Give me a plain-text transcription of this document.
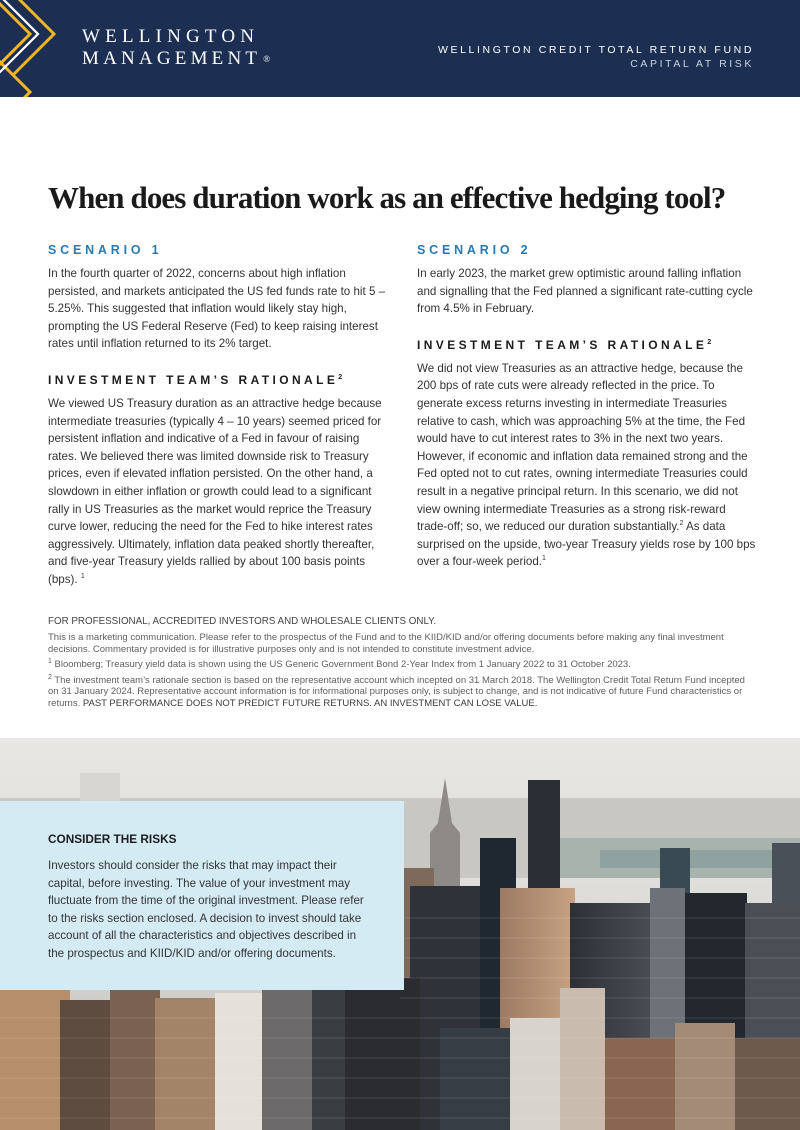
WELLINGTON
MANAGEMENT ®
WELLINGTON CREDIT TOTAL RETURN FUND
CAPITAL AT RISK
When does duration work as an effective hedging tool?
SCENARIO 1

In the fourth quarter of 2022, concerns about high inflation persisted, and markets anticipated the US fed funds rate to hit 5 – 5.25%. This suggested that inflation would likely stay high, prompting the US Federal Reserve (Fed) to keep raising interest rates until inflation returned to its 2% target.

INVESTMENT TEAM’S RATIONALE$^2$

We viewed US Treasury duration as an attractive hedge because intermediate treasuries (typically 4 – 10 years) seemed priced for persistent inflation and indicative of a Fed in favour of raising rates. We believed there was limited downside risk to Treasury prices, even if elevated inflation persisted. On the other hand, a slowdown in either inflation or growth could lead to a significant rally in US Treasuries as the market would reprice the Treasury curve lower, reducing the need for the Fed to hike interest rates aggressively. Ultimately, inflation data peaked shortly thereafter, and five-year Treasury yields rallied by about 100 basis points (bps). $^1$

SCENARIO 2

In early 2023, the market grew optimistic around falling inflation and signalling that the Fed planned a significant rate-cutting cycle from 4.5% in February.

INVESTMENT TEAM’S RATIONALE$^2$

We did not view Treasuries as an attractive hedge, because the 200 bps of rate cuts were already reflected in the price. To generate excess returns investing in intermediate Treasuries relative to cash, which was approaching 5% at the time, the Fed would have to cut interest rates to 3% in the next two years. However, if economic and inflation data remained strong and the Fed opted not to cut rates, owning intermediate Treasuries could result in a negative principal return. In this scenario, we did not view owning intermediate Treasuries as a strong risk-reward trade-off; so, we reduced our duration substantially.$^2$ As data surprised on the upside, two-year Treasury yields rose by 100 bps over a four-week period.$^1$

FOR PROFESSIONAL, ACCREDITED INVESTORS AND WHOLESALE CLIENTS ONLY.

This is a marketing communication. Please refer to the prospectus of the Fund and to the KIID/KID and/or offering documents before making any final investment decisions. Commentary provided is for illustrative purposes only and is not intended to constitute investment advice.

$^1$ Bloomberg; Treasury yield data is shown using the US Generic Government Bond 2-Year Index from 1 January 2022 to 31 October 2023.

$^2$ The investment team’s rationale section is based on the representative account which incepted on 31 March 2018. The Wellington Credit Total Return Fund incepted on 31 January 2024. Representative account information is for informational purposes only, is subject to change, and is not indicative of future Fund characteristics or returns. PAST PERFORMANCE DOES NOT PREDICT FUTURE RETURNS. AN INVESTMENT CAN LOSE VALUE.

CONSIDER THE RISKS

Investors should consider the risks that may impact their capital, before investing. The value of your investment may fluctuate from the time of the original investment. Please refer to the risks section enclosed. A decision to invest should take account of all the characteristics and objectives described in the prospectus and KIID/KID and/or offering documents.
